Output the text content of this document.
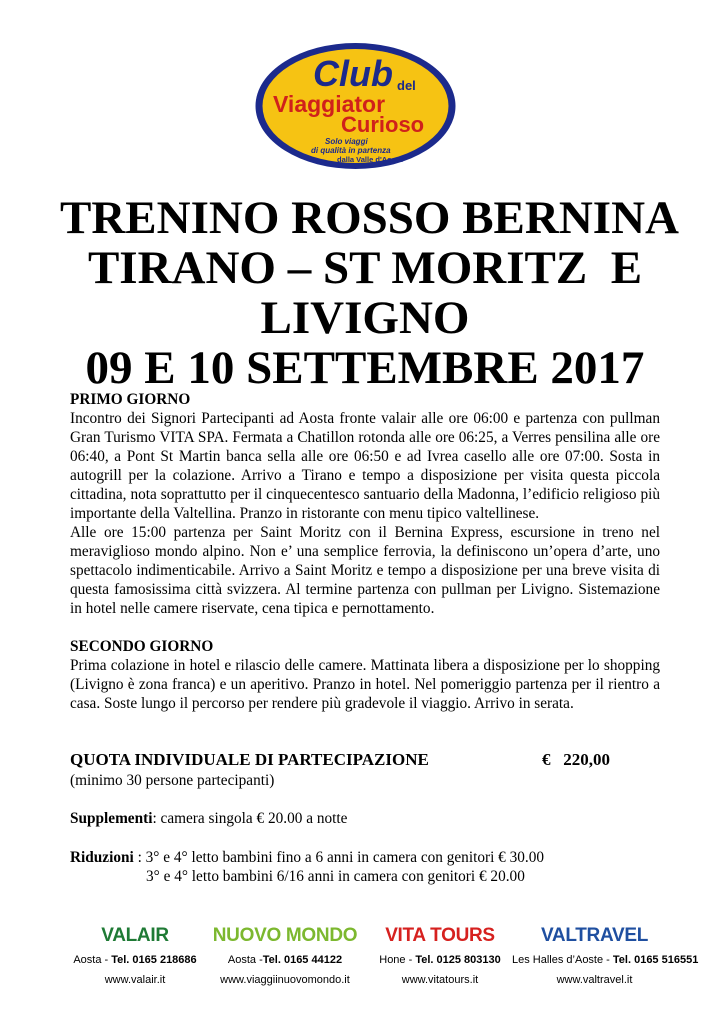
Club del
Viaggiator
Curioso
Solo viaggi
di qualità in partenza
dalla Valle d'Aosta
TRENINO ROSSO BERNINA
TIRANO – ST MORITZ  E
LIVIGNO
09 E 10 SETTEMBRE 2017
PRIMO GIORNO
Incontro dei Signori Partecipanti ad Aosta fronte valair alle ore 06:00 e partenza con pullman Gran Turismo VITA SPA. Fermata a Chatillon rotonda alle ore 06:25, a Verres pensilina alle ore 06:40, a Pont St Martin banca sella alle ore 06:50 e ad Ivrea casello alle ore 07:00. Sosta in autogrill per la colazione. Arrivo a Tirano e tempo a disposizione per visita questa piccola cittadina, nota soprattutto per il cinquecentesco santuario della Madonna, l’edificio religioso più importante della Valtellina. Pranzo in ristorante con menu tipico valtellinese.
Alle ore 15:00 partenza per Saint Moritz con il Bernina Express, escursione in treno nel meraviglioso mondo alpino. Non e’ una semplice ferrovia, la definiscono un’opera d’arte, uno spettacolo indimenticabile. Arrivo a Saint Moritz e tempo a disposizione per una breve visita di questa famosissima città svizzera. Al termine partenza con pullman per Livigno. Sistemazione in hotel nelle camere riservate, cena tipica e pernottamento.
SECONDO GIORNO
Prima colazione in hotel e rilascio delle camere. Mattinata libera a disposizione per lo shopping (Livigno è zona franca) e un aperitivo. Pranzo in hotel. Nel pomeriggio partenza per il rientro a casa. Soste lungo il percorso per rendere più gradevole il viaggio. Arrivo in serata.
QUOTA INDIVIDUALE DI PARTECIPAZIONE	€   220,00
(minimo 30 persone partecipanti)
Supplementi: camera singola € 20.00 a notte
Riduzioni : 3° e 4° letto bambini fino a 6 anni in camera con genitori € 30.00
3° e 4° letto bambini 6/16 anni in camera con genitori € 20.00
VALAIR
Aosta - Tel. 0165 218686
www.valair.it
NUOVO MONDO
Aosta -Tel. 0165 44122
www.viaggiinuovomondo.it
VITA TOURS
Hone - Tel. 0125 803130
www.vitatours.it
VALTRAVEL
Les Halles d’Aoste - Tel. 0165 516551
www.valtravel.it
